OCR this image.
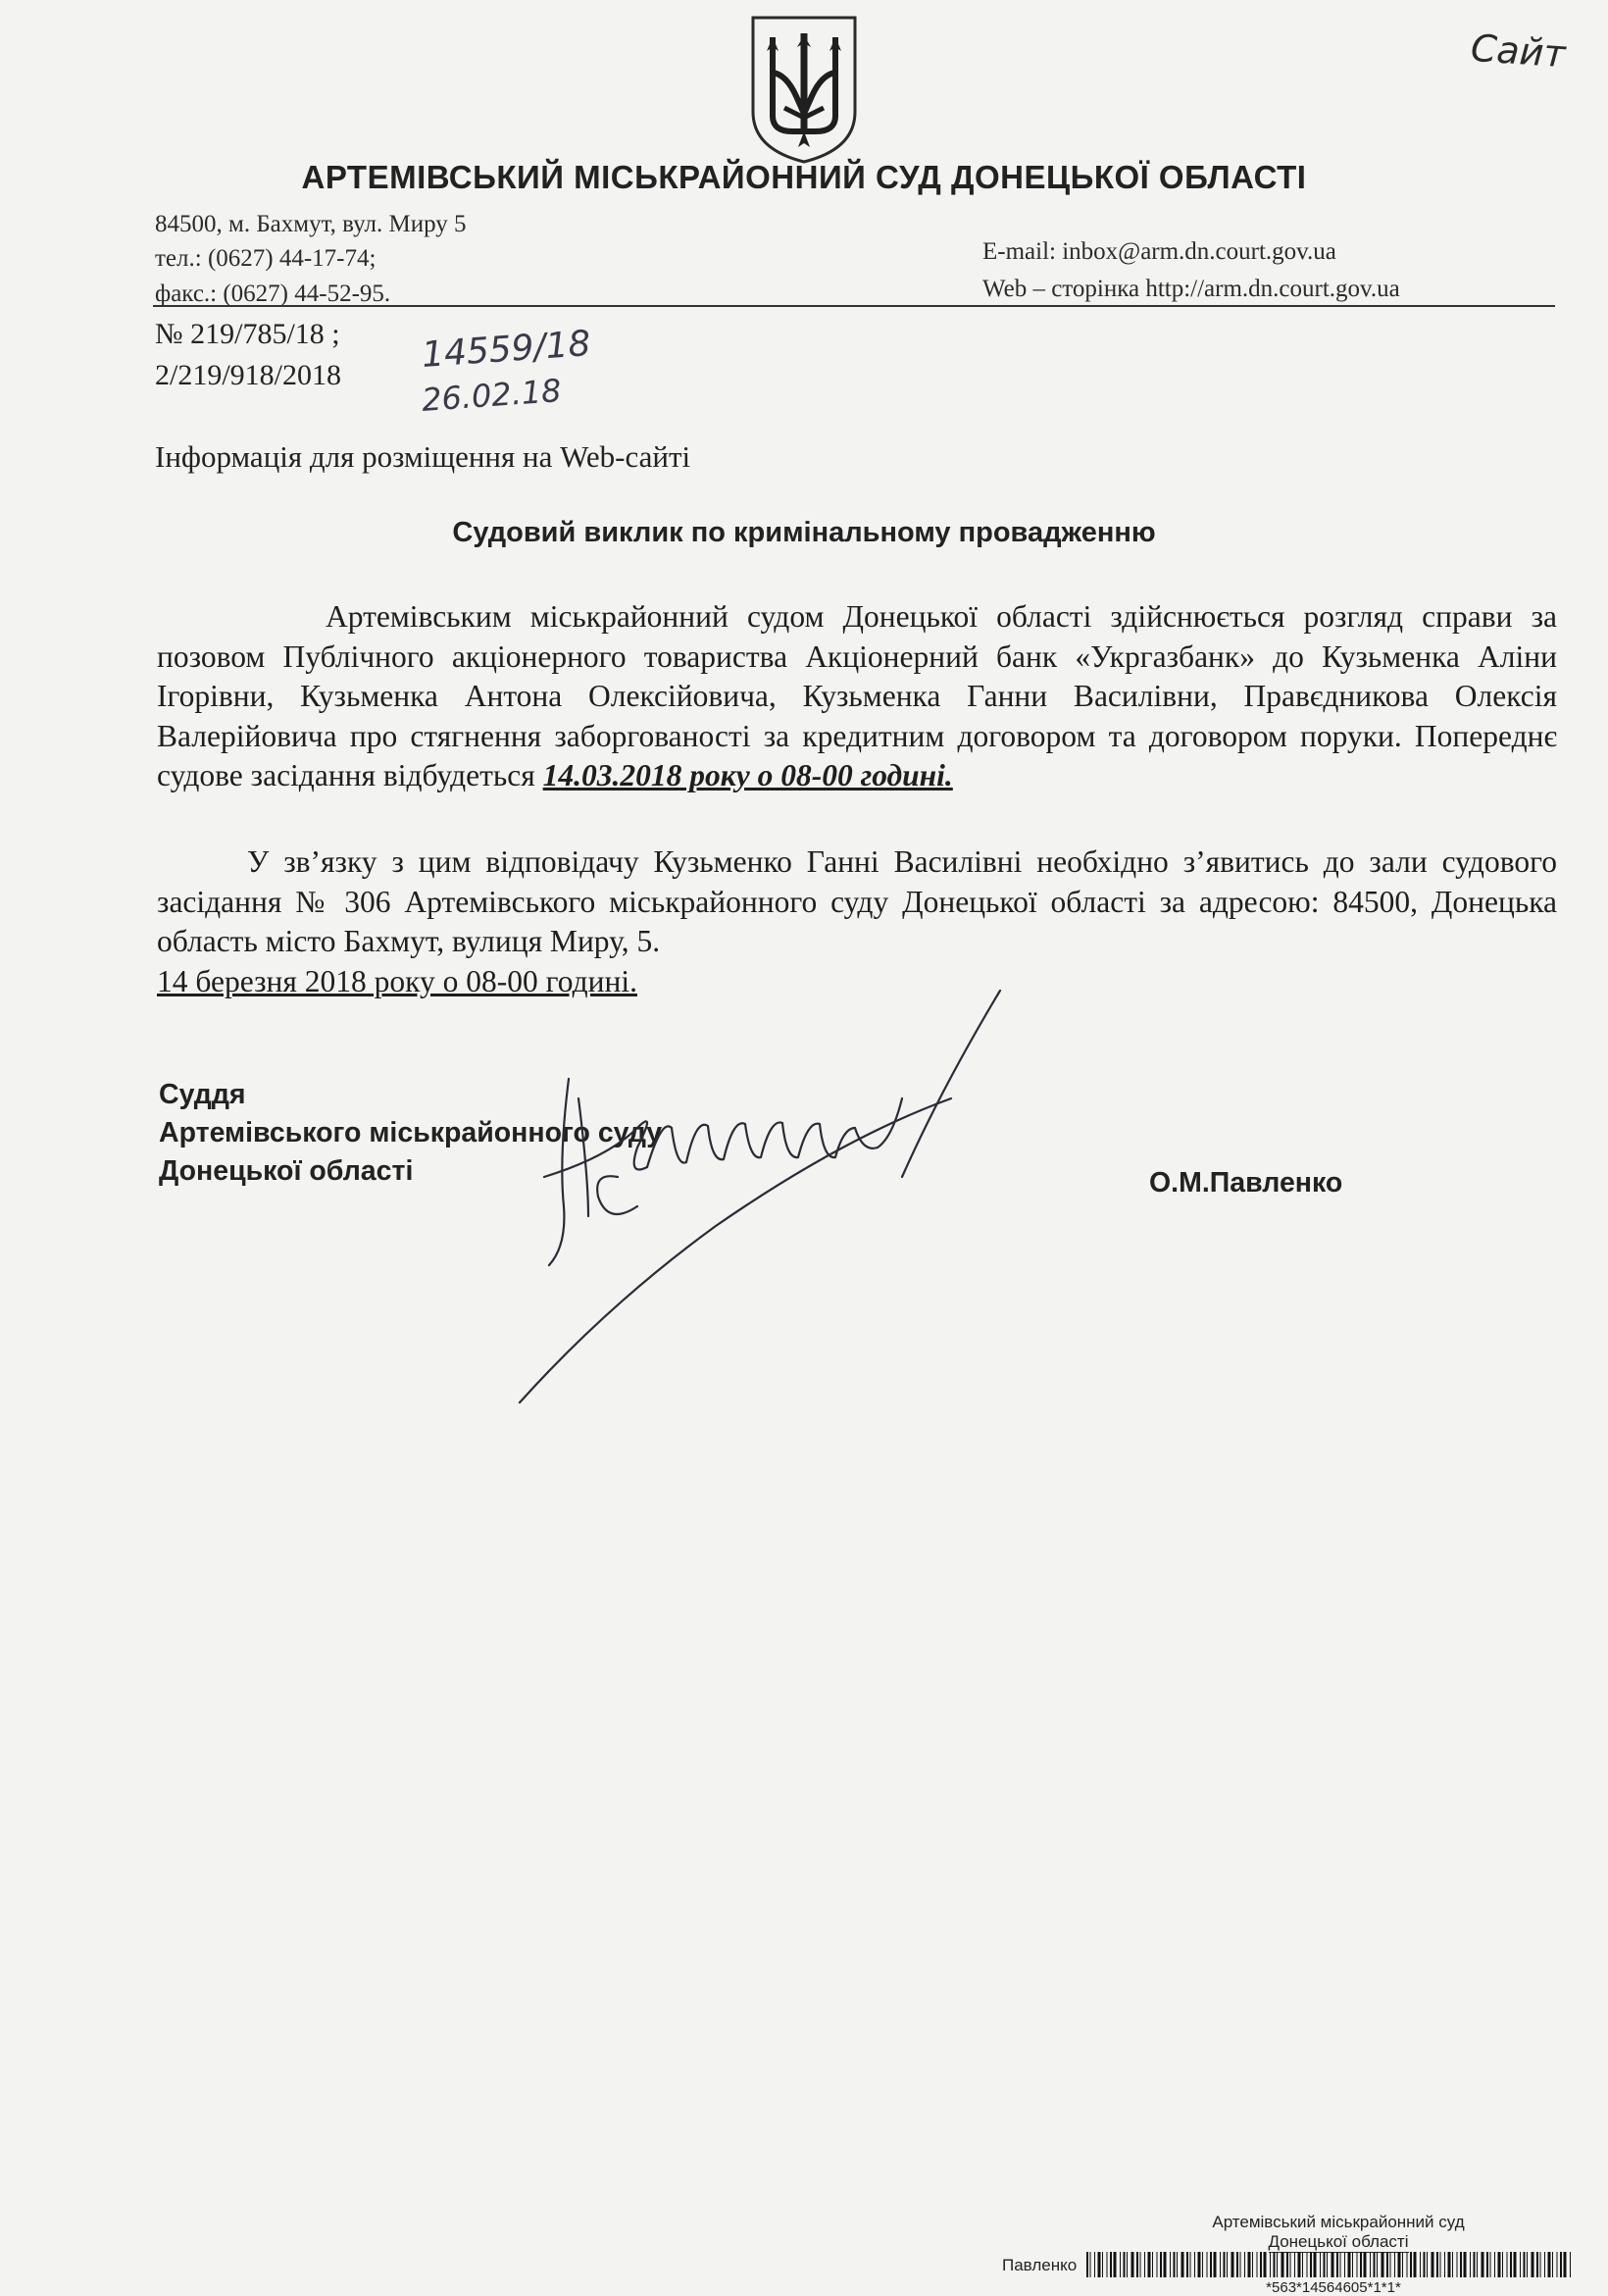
Сайт
АРТЕМІВСЬКИЙ МІСЬКРАЙОННИЙ СУД ДОНЕЦЬКОЇ ОБЛАСТІ
84500, м. Бахмут, вул. Миру 5
тел.: (0627) 44-17-74;
факс.: (0627) 44-52-95.
E-mail: inbox@arm.dn.court.gov.ua
Web – сторінка http://arm.dn.court.gov.ua
№ 219/785/18 ;
2/219/918/2018 14559/18
26.02.18
Інформація для розміщення на Web-сайті
Судовий виклик по кримінальному провадженню
Артемівським міськрайонний судом Донецької області здійснюється розгляд справи за позовом Публічного акціонерного товариства Акціонерний банк «Укргазбанк» до Кузьменка Аліни Ігорівни, Кузьменка Антона Олексійовича, Кузьменка Ганни Василівни, Правєдникова Олексія Валерійовича про стягнення заборгованості за кредитним договором та договором поруки. Попереднє судове засідання відбудеться 14.03.2018 року о 08-00 годині.
У зв’язку з цим відповідачу Кузьменко Ганні Василівні необхідно з’явитись до зали судового засідання № 306 Артемівського міськрайонного суду Донецької області за адресою: 84500, Донецька область місто Бахмут, вулиця Миру, 5.
14 березня 2018 року о 08-00 годині.
Суддя
Артемівського міськрайонного суду
Донецької області	О.М.Павленко
Артемівський міськрайонний суд
Донецької області
Павленко
*563*14564605*1*1*
